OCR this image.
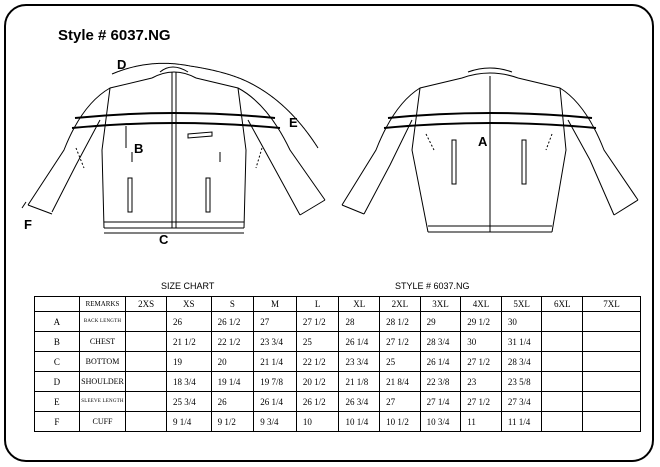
Style # 6037.NG
D
E
B
C
F
A
SIZE CHART	STYLE # 6037.NG
	REMARKS	2XS	XS	S	M	L	XL	2XL	3XL	4XL	5XL	6XL	7XL
A	BACK LENGTH		26	26 1/2	27	27 1/2	28	28 1/2	29	29 1/2	30		
B	CHEST		21 1/2	22 1/2	23 3/4	25	26 1/4	27 1/2	28 3/4	30	31 1/4		
C	BOTTOM		19	20	21 1/4	22 1/2	23 3/4	25	26 1/4	27 1/2	28 3/4		
D	SHOULDER		18 3/4	19 1/4	19 7/8	20 1/2	21 1/8	21 8/4	22 3/8	23	23 5/8		
E	SLEEVE LENGTH		25 3/4	26	26 1/4	26 1/2	26 3/4	27	27 1/4	27 1/2	27 3/4		
F	CUFF		9 1/4	9 1/2	9 3/4	10	10 1/4	10 1/2	10 3/4	11	11 1/4		
